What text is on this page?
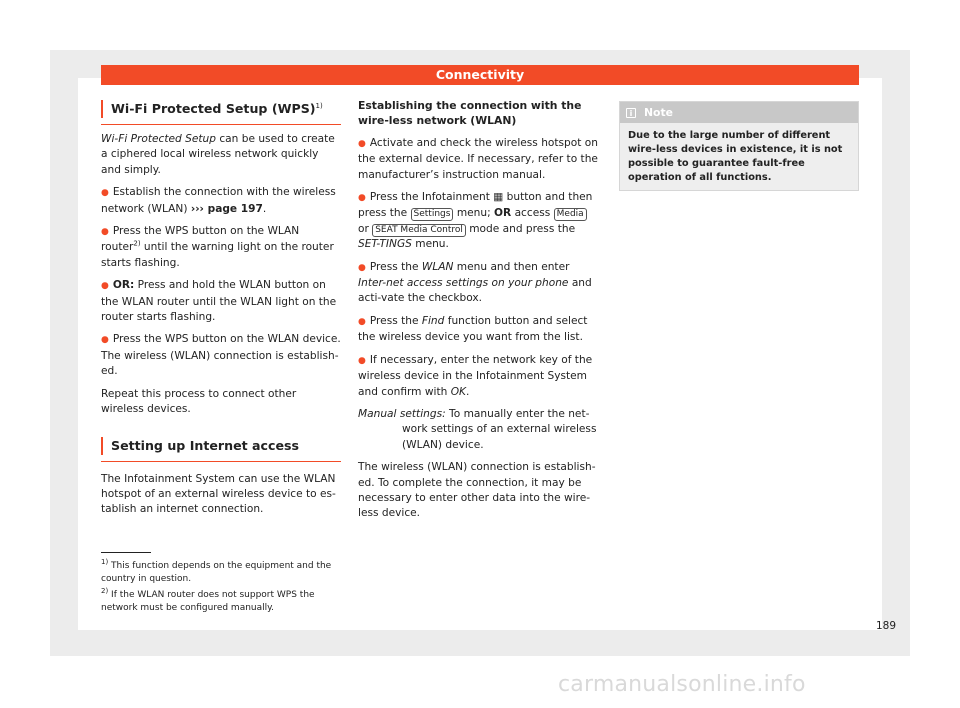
Connectivity
Wi-Fi Protected Setup (WPS)$^{1)}$

Wi-Fi Protected Setup can be used to create a ciphered local wireless network quickly and simply.

● Establish the connection with the wireless network (WLAN) ››› page 197.

● Press the WPS button on the WLAN router$^{2)}$ until the warning light on the router starts flashing.

● OR: Press and hold the WLAN button on the WLAN router until the WLAN light on the router starts flashing.

● Press the WPS button on the WLAN device. The wireless (WLAN) connection is establish-ed.

Repeat this process to connect other wireless devices.

Setting up Internet access

The Infotainment System can use the WLAN hotspot of an external wireless device to es-tablish an internet connection.

Establishing the connection with the wire-less network (WLAN)

● Activate and check the wireless hotspot on the external device. If necessary, refer to the manufacturer’s instruction manual.

● Press the Infotainment ▦ button and then press the Settings menu; OR access Media or SEAT Media Control mode and press the SET-TINGS menu.

● Press the WLAN menu and then enter Inter-net access settings on your phone and acti-vate the checkbox.

● Press the Find function button and select the wireless device you want from the list.

● If necessary, enter the network key of the wireless device in the Infotainment System and confirm with OK.

Manual settings: To manually enter the net-work settings of an external wireless (WLAN) device.

The wireless (WLAN) connection is establish-ed. To complete the connection, it may be necessary to enter other data into the wire-less device.

i Note
Due to the large number of different wire-less devices in existence, it is not possible to guarantee fault-free operation of all functions.
$^{1)}$ This function depends on the equipment and the country in question.
$^{2)}$ If the WLAN router does not support WPS the network must be configured manually.
189
carmanualsonline.info
